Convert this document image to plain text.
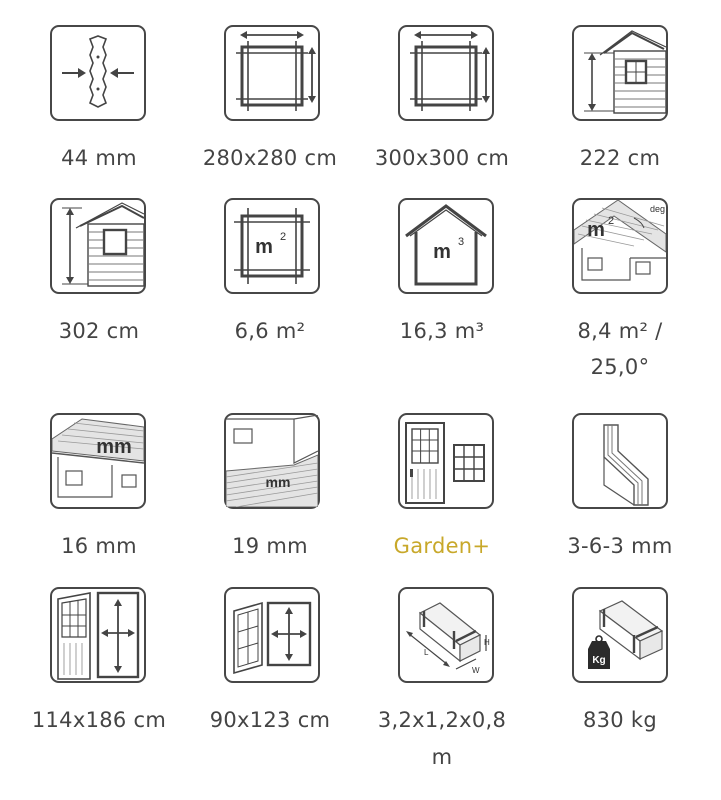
44 mm	280x280 cm	300x300 cm	222 cm
302 cm
m 2
6,6 m²
m 3
16,3 m³
m 2
deg
8,4 m² /
25,0°
mm
16 mm
mm
19 mm	Garden+	3-6-3 mm
114x186 cm	90x123 cm
L
W
H
3,2x1,2x0,8
m
Kg
830 kg
